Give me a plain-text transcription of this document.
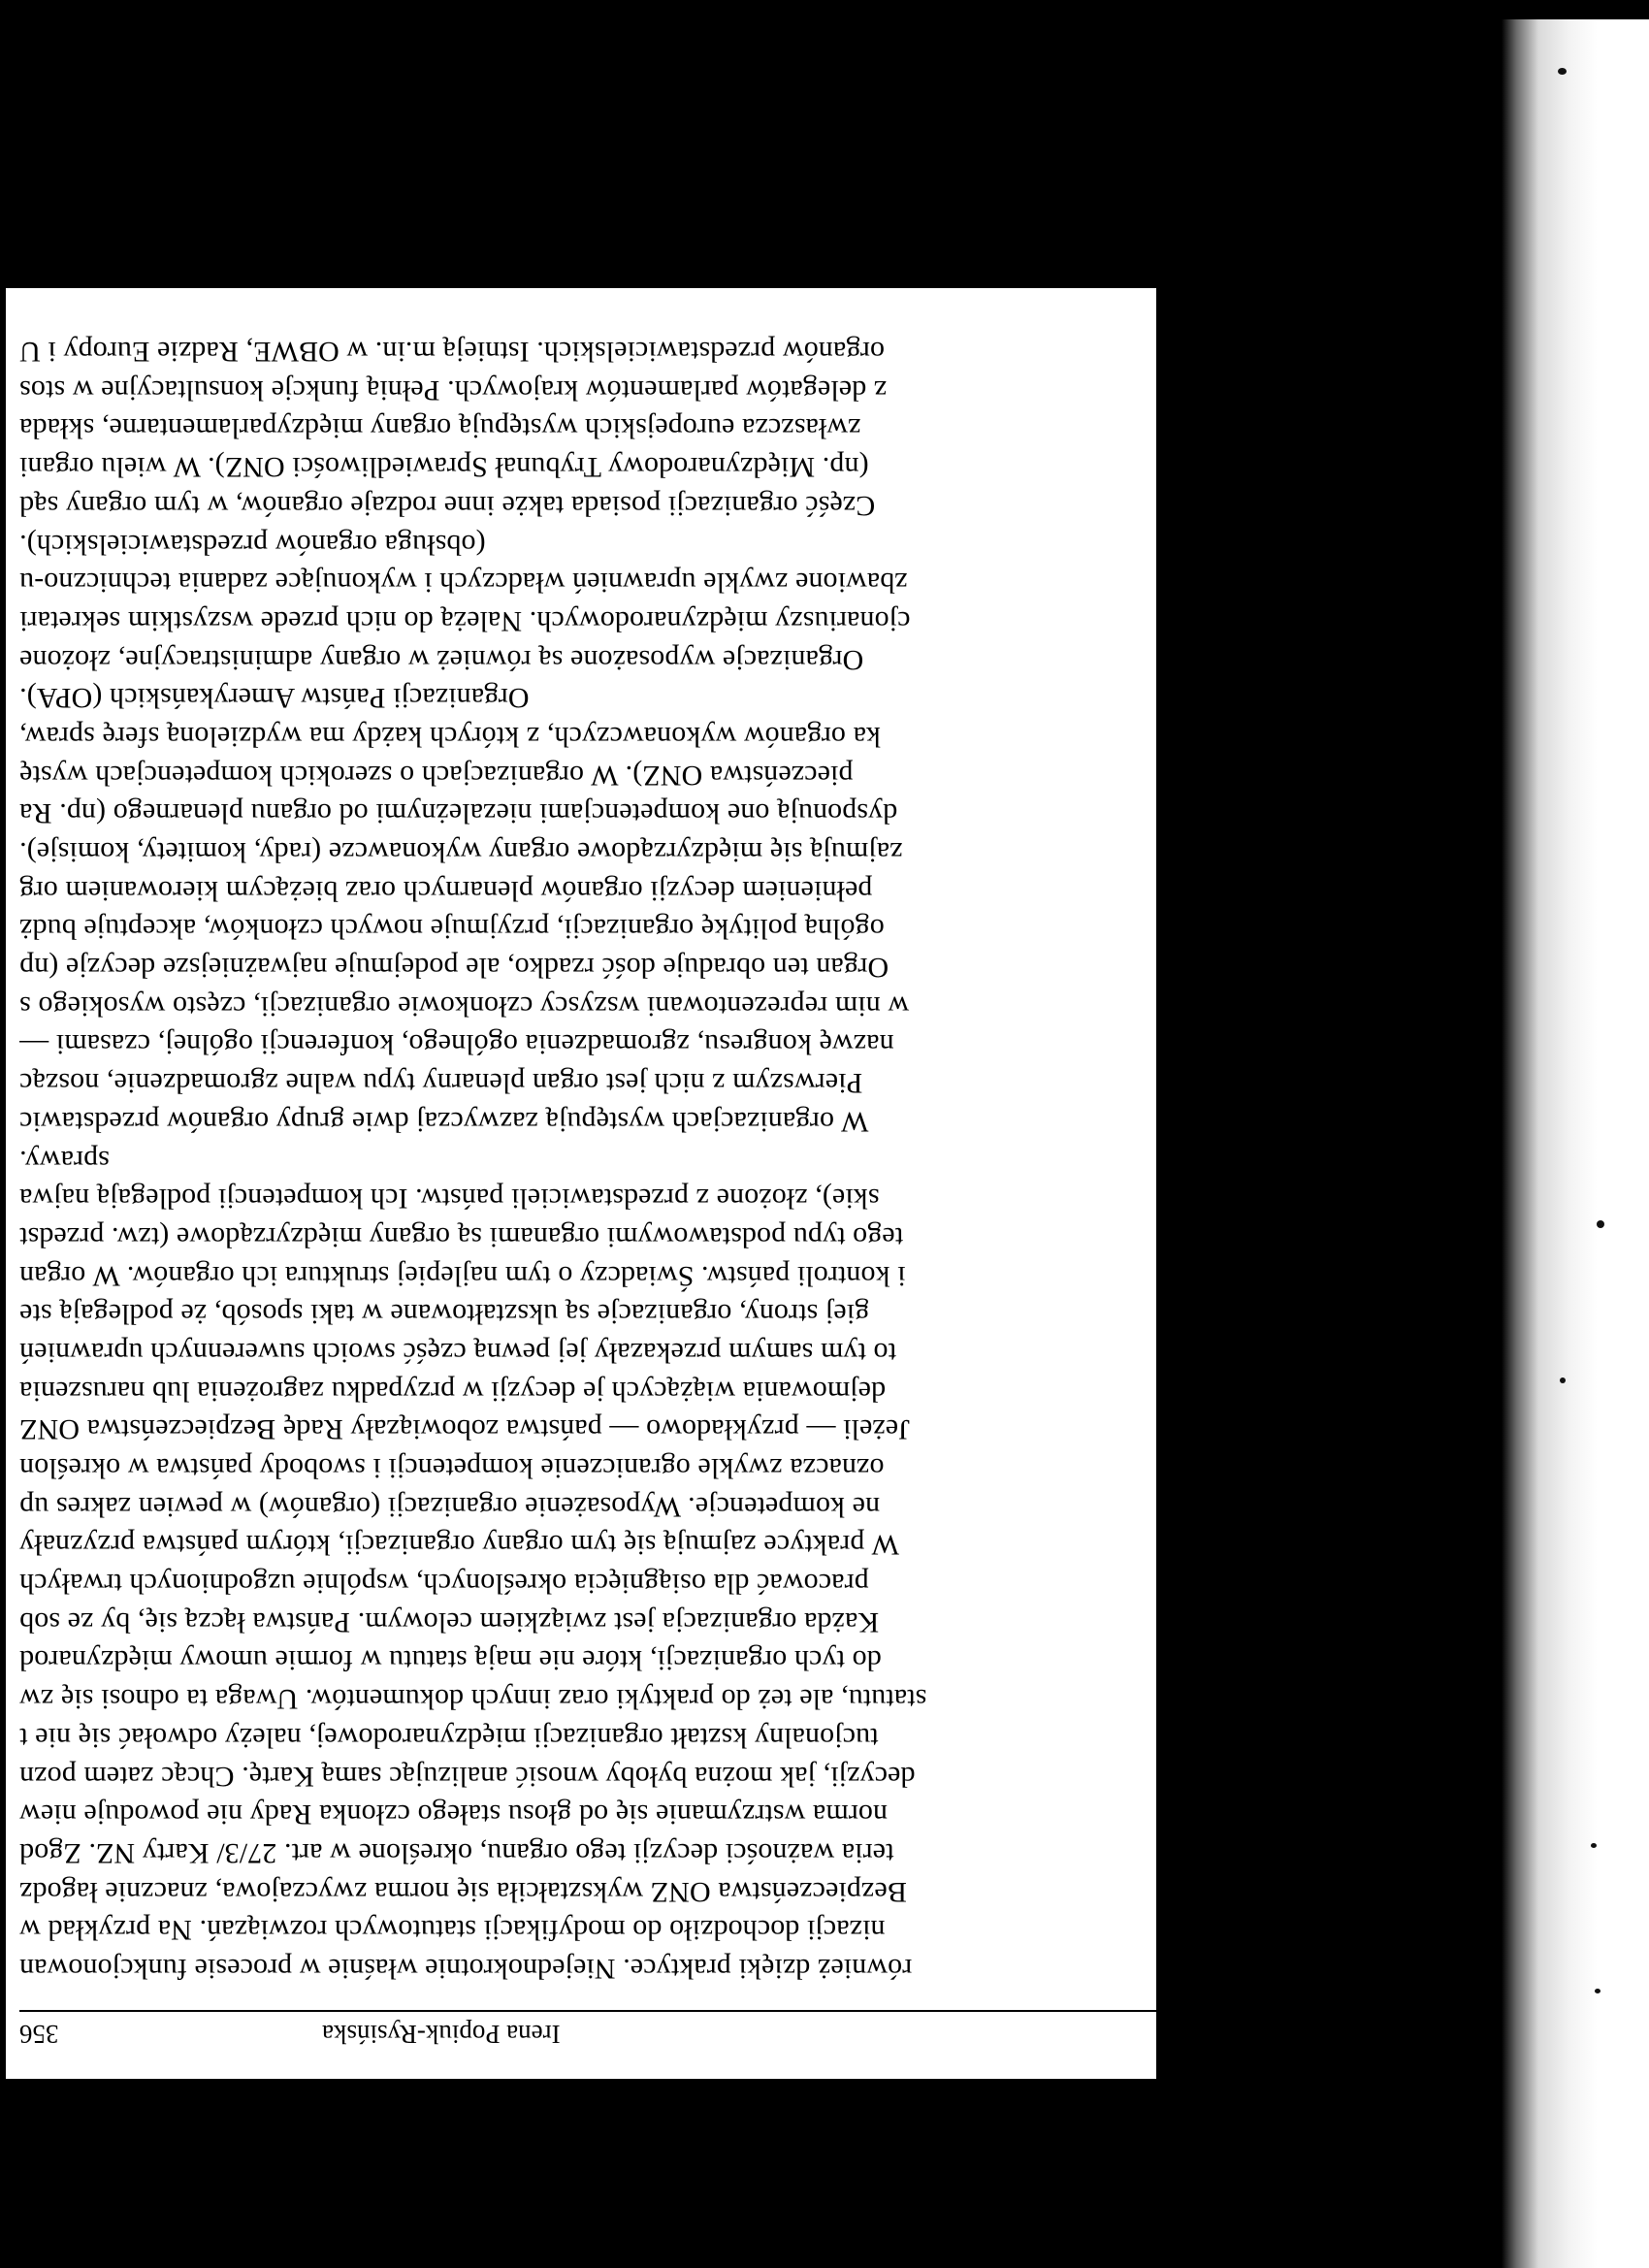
Irena Popiuk-Rysińska
356
również dzięki praktyce. Niejednokrotnie właśnie w procesie funkcjonowan
nizacji dochodziło do modyfikacji statutowych rozwiązań. Na przykład w
Bezpieczeństwa ONZ wykształciła się norma zwyczajowa, znacznie łagodz
teria ważności decyzji tego organu, określone w art. 27/3/ Karty NZ. Zgod
norma wstrzymanie się od głosu stałego członka Rady nie powoduje niew
decyzji, jak można byłoby wnosić analizując samą Kartę. Chcąc zatem pozn
tucjonalny kształt organizacji międzynarodowej, należy odwołać się nie t
statutu, ale też do praktyki oraz innych dokumentów. Uwaga ta odnosi się zw
do tych organizacji, które nie mają statutu w formie umowy międzynarod
Każda organizacja jest związkiem celowym. Państwa łączą się, by ze sob
pracować dla osiągnięcia określonych, wspólnie uzgodnionych trwałych
W praktyce zajmują się tym organy organizacji, którym państwa przyznały
ne kompetencje. Wyposażenie organizacji (organów) w pewien zakres up
oznacza zwykle ograniczenie kompetencji i swobody państwa w określon
Jeżeli — przykładowo — państwa zobowiązały Radę Bezpieczeństwa ONZ
dejmowania wiążących je decyzji w przypadku zagrożenia lub naruszenia
to tym samym przekazały jej pewną część swoich suwerennych uprawnień
giej strony, organizacje są ukształtowane w taki sposób, że podlegają ste
i kontroli państw. Świadczy o tym najlepiej struktura ich organów. W organ
tego typu podstawowymi organami są organy międzyrządowe (tzw. przedst
skie), złożone z przedstawicieli państw. Ich kompetencji podlegają najwa
sprawy.
W organizacjach występują zazwyczaj dwie grupy organów przedstawic
Pierwszym z nich jest organ plenarny typu walne zgromadzenie, nosząc
nazwę kongresu, zgromadzenia ogólnego, konferencji ogólnej, czasami —
w nim reprezentowani wszyscy członkowie organizacji, często wysokiego s
Organ ten obraduje dość rzadko, ale podejmuje najważniejsze decyzje (np
ogólną politykę organizacji, przyjmuje nowych członków, akceptuje budż
pełnieniem decyzji organów plenarnych oraz bieżącym kierowaniem org
zajmują się międzyrządowe organy wykonawcze (rady, komitety, komisje).
dysponują one kompetencjami niezależnymi od organu plenarnego (np. Ra
pieczeństwa ONZ). W organizacjach o szerokich kompetencjach wystę
ka organów wykonawczych, z których każdy ma wydzieloną sferę spraw,
Organizacji Państw Amerykańskich (OPA).
Organizacje wyposażone są również w organy administracyjne, złożone
cjonariuszy międzynarodowych. Należą do nich przede wszystkim sekretari
zbawione zwykle uprawnień władczych i wykonujące zadania techniczno-u
(obsługa organów przedstawicielskich).
Część organizacji posiada także inne rodzaje organów, w tym organy sąd
(np. Międzynarodowy Trybunał Sprawiedliwości ONZ). W wielu organi
zwłaszcza europejskich występują organy międzyparlamentarne, składa
z delegatów parlamentów krajowych. Pełnią funkcje konsultacyjne w stos
organów przedstawicielskich. Istnieją m.in. w OBWE, Radzie Europy i U
